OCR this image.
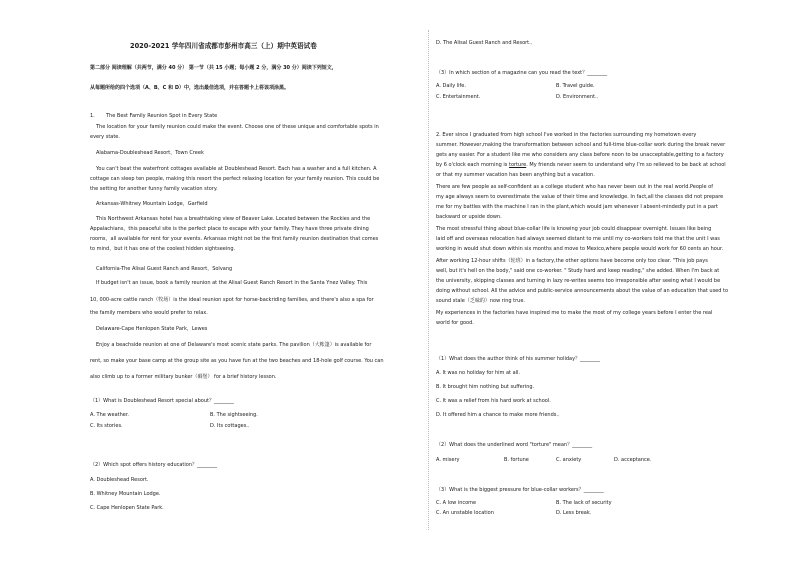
2020-2021 学年四川省成都市彭州市高三（上）期中英语试卷
第二部分 阅读理解（共两节，满分 40 分） 第一节（共 15 小题；每小题 2 分，满分 30 分）阅读下列短文，
从每题所给的四个选项（A、B、C 和 D）中，选出最佳选项，并在答题卡上将该项涂黑。
1. The Best Family Reunion Spot in Every State
The location for your family reunion could make the event. Choose one of these unique and comfortable spots in
every state.
Alabama-Doubleshead Resort，Town Creek
You can't beat the waterfront cottages available at Doubleshead Resort. Each has a washer and a full kitchen. A
cottage can sleep ten people, making this resort the perfect relaxing location for your family reunion. This could be
the setting for another funny family vacation story.
Arkansas-Whitney Mountain Lodge，Garfield
This Northwest Arkansas hotel has a breathtaking view of Beaver Lake. Located between the Rockies and the
Appalachians，this peaceful site is the perfect place to escape with your family. They have three private dining
rooms，all available for rent for your events. Arkansas might not be the first family reunion destination that comes
to mind，but it has one of the coolest hidden sightseeing.
California-The Alisal Guest Ranch and Resort，Solvang
If budget isn't an issue, book a family reunion at the Alisal Guest Ranch Resort in the Santa Ynez Valley. This
10, 000-acre cattle ranch（牧场）is the ideal reunion spot for horse-backriding families, and there's also a spa for
the family members who would prefer to relax.
Delaware-Cape Henlopen State Park，Lewes
Enjoy a beachside reunion at one of Delaware's most scenic state parks. The pavilion（大帐篷）is available for
rent, so make your base camp at the group site as you have fun at the two beaches and 18-hole golf course. You can
also climb up to a former military bunker（碉堡） for a brief history lesson.
（1）What is Doubleshead Resort special about？________
A. The weather.	B. The sightseeing.
C. Its stories.	D. Its cottages.．
（2）Which spot offers history education？________
A. Doubleshead Resort.
B. Whitney Mountain Lodge.
C. Cape Henlopen State Park.
D. The Alisal Guest Ranch and Resort.．
（3）In which section of a magazine can you read the text？________
A. Daily life.	B. Travel guide.
C. Entertainment.	D. Environment.．
2. Ever since I graduated from high school I've worked in the factories surrounding my hometown every
summer. However,making the transformation between school and full-time blue-collar work during the break never
gets any easier. For a student like me who considers any class before noon to be unacceptable,getting to a factory
by 6 o'clock each morning is torture. My friends never seem to understand why I'm so relieved to be back at school
or that my summer vacation has been anything but a vacation.
There are few people as self-confident as a college student who has never been out in the real world.People of
my age always seem to overestimate the value of their time and knowledge. In fact,all the classes did not prepare
me for my battles with the machine I ran in the plant,which would jam whenever I absent-mindedly put in a part
backward or upside down.
The most stressful thing about blue-collar life is knowing your job could disappear overnight. Issues like being
laid off and overseas relocation had always seemed distant to me until my co-workers told me that the unit I was
working in would shut down within six months and move to Mexico,where people would work for 60 cents an hour.
After working 12-hour shifts（轮班）in a factory,the other options have become only too clear. "This job pays
well, but it's hell on the body," said one co-worker. " Study hard and keep reading," she added. When I'm back at
the university, skipping classes and turning in lazy re-writes seems too irresponsible after seeing what I would be
doing without school. All the advice and public-service announcements about the value of an education that used to
sound stale（乏味的）now ring true.
My experiences in the factories have inspired me to make the most of my college years before I enter the real
world for good.
（1）What does the author think of his summer holiday？________
A. It was no holiday for him at all.
B. It brought him nothing but suffering.
C. It was a relief from his hard work at school.
D. It offered him a chance to make more friends.．
（2）What does the underlined word "torture" mean？________
A. misery	B. fortune	C. anxiety	D. acceptance．
（3）What is the biggest pressure for blue-collar workers？________
C. A low income	B. The lack of security
C. An unstable location	D. Less break．
